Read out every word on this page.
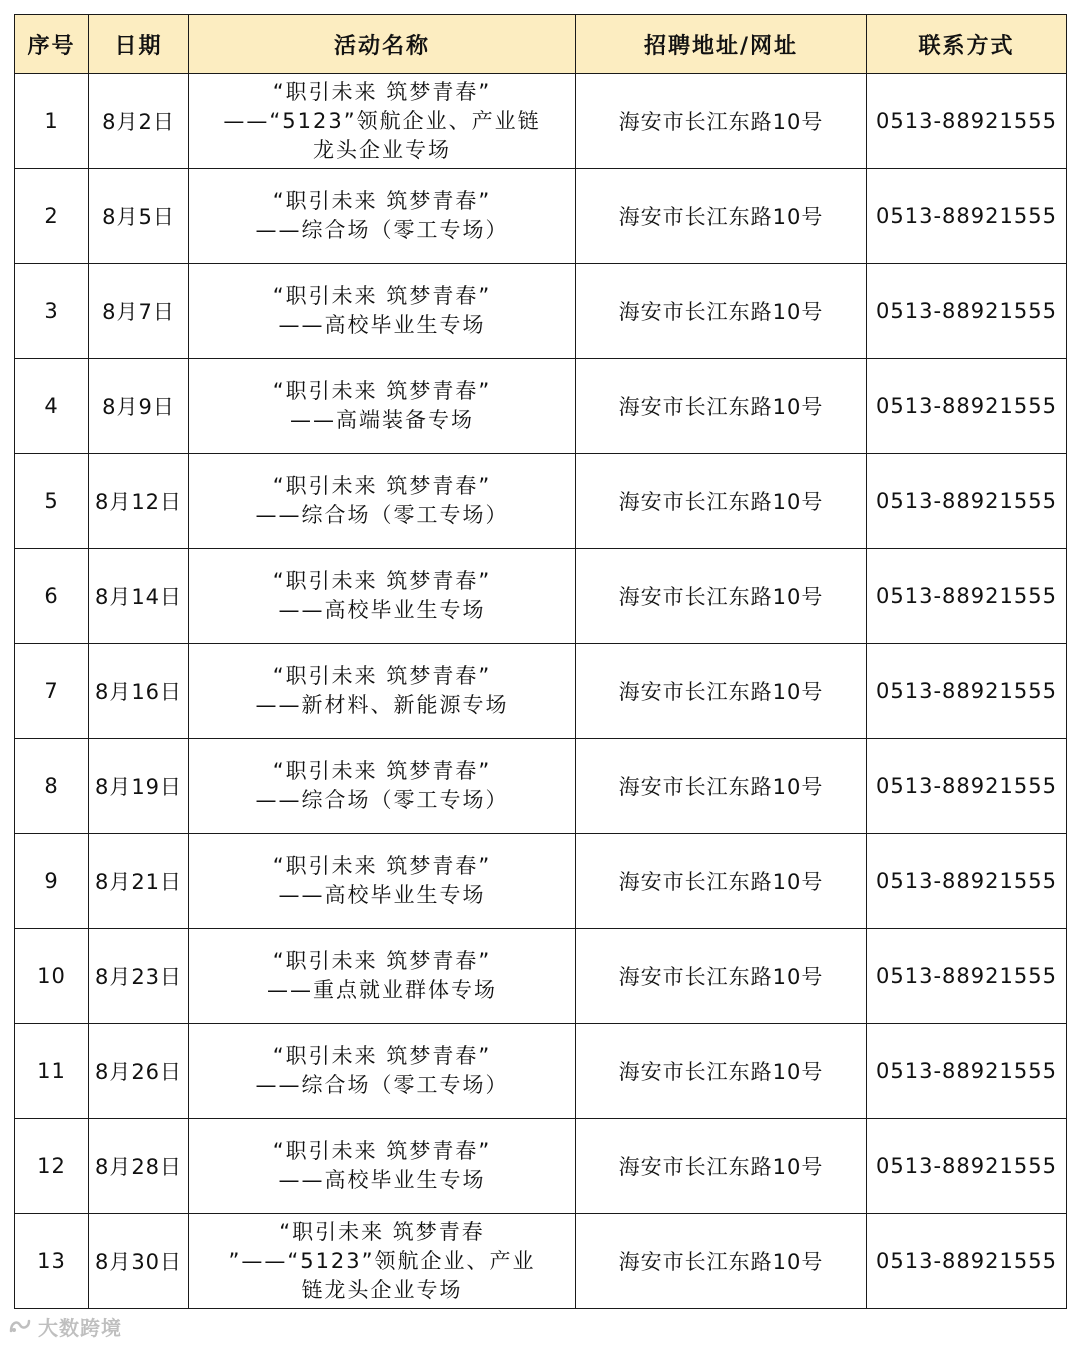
序号	日期	活动名称	招聘地址/网址	联系方式
1	8月2日	“职引未来 筑梦青春”
——“5123”领航企业、产业链
龙头企业专场	海安市长江东路10号	0513-88921555
2	8月5日	“职引未来 筑梦青春”
——综合场（零工专场）	海安市长江东路10号	0513-88921555
3	8月7日	“职引未来 筑梦青春”
——高校毕业生专场	海安市长江东路10号	0513-88921555
4	8月9日	“职引未来 筑梦青春”
——高端装备专场	海安市长江东路10号	0513-88921555
5	8月12日	“职引未来 筑梦青春”
——综合场（零工专场）	海安市长江东路10号	0513-88921555
6	8月14日	“职引未来 筑梦青春”
——高校毕业生专场	海安市长江东路10号	0513-88921555
7	8月16日	“职引未来 筑梦青春”
——新材料、新能源专场	海安市长江东路10号	0513-88921555
8	8月19日	“职引未来 筑梦青春”
——综合场（零工专场）	海安市长江东路10号	0513-88921555
9	8月21日	“职引未来 筑梦青春”
——高校毕业生专场	海安市长江东路10号	0513-88921555
10	8月23日	“职引未来 筑梦青春”
——重点就业群体专场	海安市长江东路10号	0513-88921555
11	8月26日	“职引未来 筑梦青春”
——综合场（零工专场）	海安市长江东路10号	0513-88921555
12	8月28日	“职引未来 筑梦青春”
——高校毕业生专场	海安市长江东路10号	0513-88921555
13	8月30日	“职引未来 筑梦青春
”——“5123”领航企业、产业
链龙头企业专场	海安市长江东路10号	0513-88921555
大数跨境
